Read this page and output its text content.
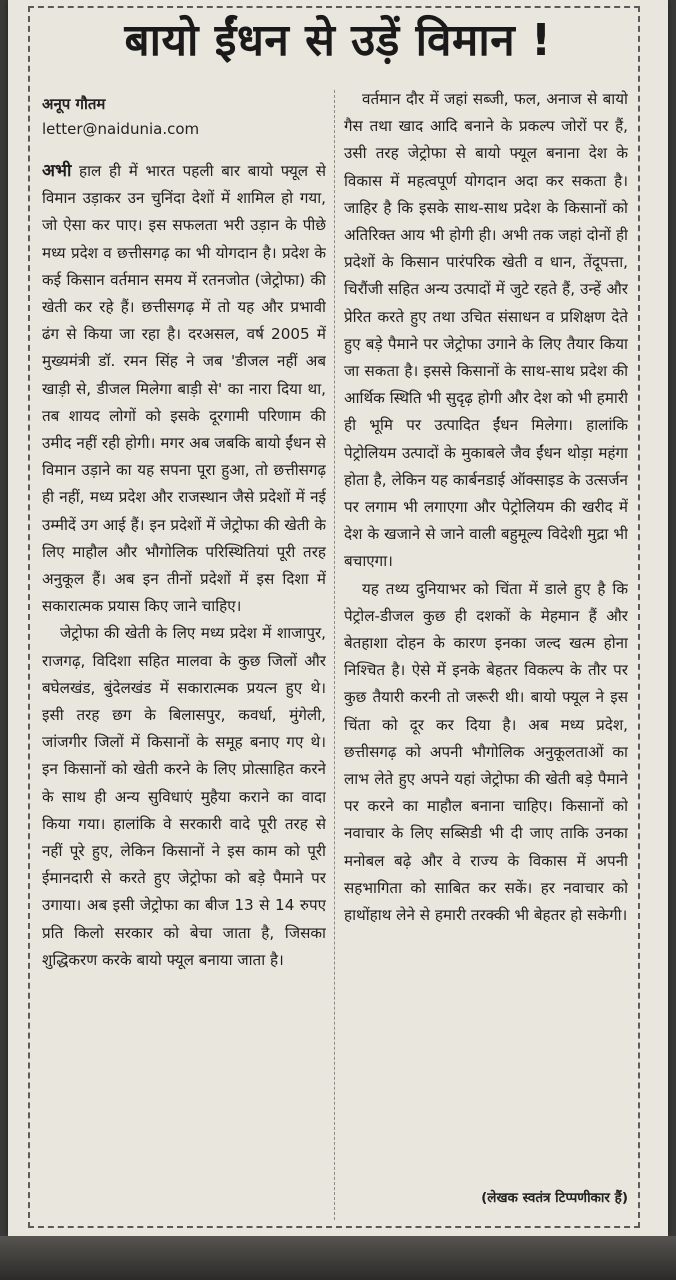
बायो ईंधन से उड़ें विमान !
अनूप गौतम
letter@naidunia.com

अभी हाल ही में भारत पहली बार बायो फ्यूल से विमान उड़ाकर उन चुनिंदा देशों में शामिल हो गया, जो ऐसा कर पाए। इस सफलता भरी उड़ान के पीछे मध्य प्रदेश व छत्तीसगढ़ का भी योगदान है। प्रदेश के कई किसान वर्तमान समय में रतनजोत (जेट्रोफा) की खेती कर रहे हैं। छत्तीसगढ़ में तो यह और प्रभावी ढंग से किया जा रहा है। दरअसल, वर्ष 2005 में मुख्यमंत्री डॉ. रमन सिंह ने जब 'डीजल नहीं अब खाड़ी से, डीजल मिलेगा बाड़ी से' का नारा दिया था, तब शायद लोगों को इसके दूरगामी परिणाम की उमीद नहीं रही होगी। मगर अब जबकि बायो ईंधन से विमान उड़ाने का यह सपना पूरा हुआ, तो छत्तीसगढ़ ही नहीं, मध्य प्रदेश और राजस्थान जैसे प्रदेशों में नई उम्मीदें उग आई हैं। इन प्रदेशों में जेट्रोफा की खेती के लिए माहौल और भौगोलिक परिस्थितियां पूरी तरह अनुकूल हैं। अब इन तीनों प्रदेशों में इस दिशा में सकारात्मक प्रयास किए जाने चाहिए।

जेट्रोफा की खेती के लिए मध्य प्रदेश में शाजापुर, राजगढ़, विदिशा सहित मालवा के कुछ जिलों और बघेलखंड, बुंदेलखंड में सकारात्मक प्रयत्न हुए थे। इसी तरह छग के बिलासपुर, कवर्धा, मुंगेली, जांजगीर जिलों में किसानों के समूह बनाए गए थे। इन किसानों को खेती करने के लिए प्रोत्साहित करने के साथ ही अन्य सुविधाएं मुहैया कराने का वादा किया गया। हालांकि वे सरकारी वादे पूरी तरह से नहीं पूरे हुए, लेकिन किसानों ने इस काम को पूरी ईमानदारी से करते हुए जेट्रोफा को बड़े पैमाने पर उगाया। अब इसी जेट्रोफा का बीज 13 से 14 रुपए प्रति किलो सरकार को बेचा जाता है, जिसका शुद्धिकरण करके बायो फ्यूल बनाया जाता है।

वर्तमान दौर में जहां सब्जी, फल, अनाज से बायो गैस तथा खाद आदि बनाने के प्रकल्प जोरों पर हैं, उसी तरह जेट्रोफा से बायो फ्यूल बनाना देश के विकास में महत्वपूर्ण योगदान अदा कर सकता है। जाहिर है कि इसके साथ-साथ प्रदेश के किसानों को अतिरिक्त आय भी होगी ही। अभी तक जहां दोनों ही प्रदेशों के किसान पारंपरिक खेती व धान, तेंदूपत्ता, चिरौंजी सहित अन्य उत्पादों में जुटे रहते हैं, उन्हें और प्रेरित करते हुए तथा उचित संसाधन व प्रशिक्षण देते हुए बड़े पैमाने पर जेट्रोफा उगाने के लिए तैयार किया जा सकता है। इससे किसानों के साथ-साथ प्रदेश की आर्थिक स्थिति भी सुदृढ़ होगी और देश को भी हमारी ही भूमि पर उत्पादित ईंधन मिलेगा। हालांकि पेट्रोलियम उत्पादों के मुकाबले जैव ईंधन थोड़ा महंगा होता है, लेकिन यह कार्बनडाई ऑक्साइड के उत्सर्जन पर लगाम भी लगाएगा और पेट्रोलियम की खरीद में देश के खजाने से जाने वाली बहुमूल्य विदेशी मुद्रा भी बचाएगा।

यह तथ्य दुनियाभर को चिंता में डाले हुए है कि पेट्रोल-डीजल कुछ ही दशकों के मेहमान हैं और बेतहाशा दोहन के कारण इनका जल्द खत्म होना निश्चित है। ऐसे में इनके बेहतर विकल्प के तौर पर कुछ तैयारी करनी तो जरूरी थी। बायो फ्यूल ने इस चिंता को दूर कर दिया है। अब मध्य प्रदेश, छत्तीसगढ़ को अपनी भौगोलिक अनुकूलताओं का लाभ लेते हुए अपने यहां जेट्रोफा की खेती बड़े पैमाने पर करने का माहौल बनाना चाहिए। किसानों को नवाचार के लिए सब्सिडी भी दी जाए ताकि उनका मनोबल बढ़े और वे राज्य के विकास में अपनी सहभागिता को साबित कर सकें। हर नवाचार को हाथोंहाथ लेने से हमारी तरक्की भी बेहतर हो सकेगी।

(लेखक स्वतंत्र टिप्पणीकार हैं)
